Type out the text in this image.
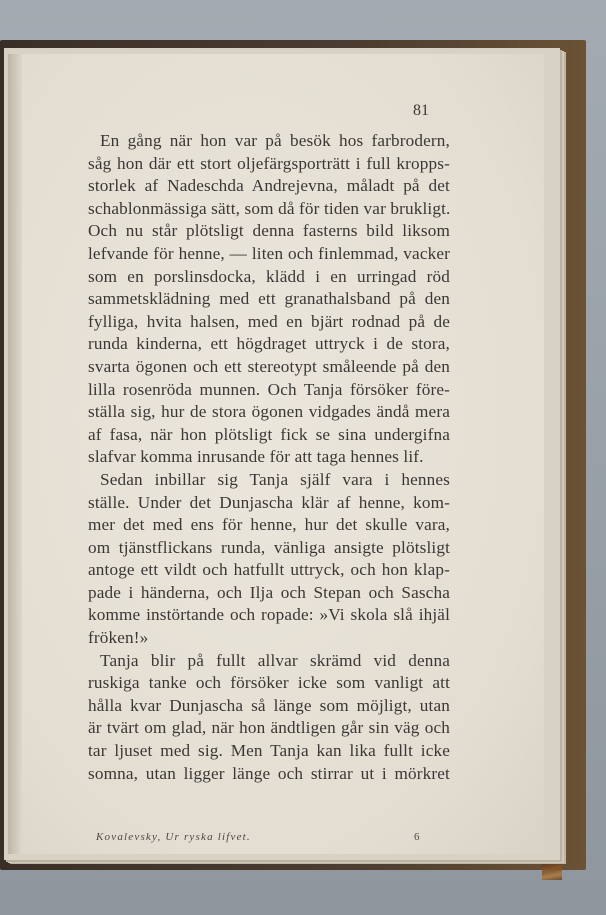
81
En gång när hon var på besök hos farbrodern,
såg hon där ett stort oljefärgsporträtt i full kropps-
storlek af Nadeschda Andrejevna, måladt på det
schablonmässiga sätt, som då för tiden var brukligt.
Och nu står plötsligt denna fasterns bild liksom
lefvande för henne, — liten och finlemmad, vacker
som en porslinsdocka, klädd i en urringad röd
sammetsklädning med ett granathalsband på den
fylliga, hvita halsen, med en bjärt rodnad på de
runda kinderna, ett högdraget uttryck i de stora,
svarta ögonen och ett stereotypt småleende på den
lilla rosenröda munnen. Och Tanja försöker före-
ställa sig, hur de stora ögonen vidgades ändå mera
af fasa, när hon plötsligt fick se sina undergifna
slafvar komma inrusande för att taga hennes lif.
Sedan inbillar sig Tanja själf vara i hennes
ställe. Under det Dunjascha klär af henne, kom-
mer det med ens för henne, hur det skulle vara,
om tjänstflickans runda, vänliga ansigte plötsligt
antoge ett vildt och hatfullt uttryck, och hon klap-
pade i händerna, och Ilja och Stepan och Sascha
komme instörtande och ropade: »Vi skola slå ihjäl
fröken!»
Tanja blir på fullt allvar skrämd vid denna
ruskiga tanke och försöker icke som vanligt att
hålla kvar Dunjascha så länge som möjligt, utan
är tvärt om glad, när hon ändtligen går sin väg och
tar ljuset med sig. Men Tanja kan lika fullt icke
somna, utan ligger länge och stirrar ut i mörkret
Kovalevsky, Ur ryska lifvet.	6
